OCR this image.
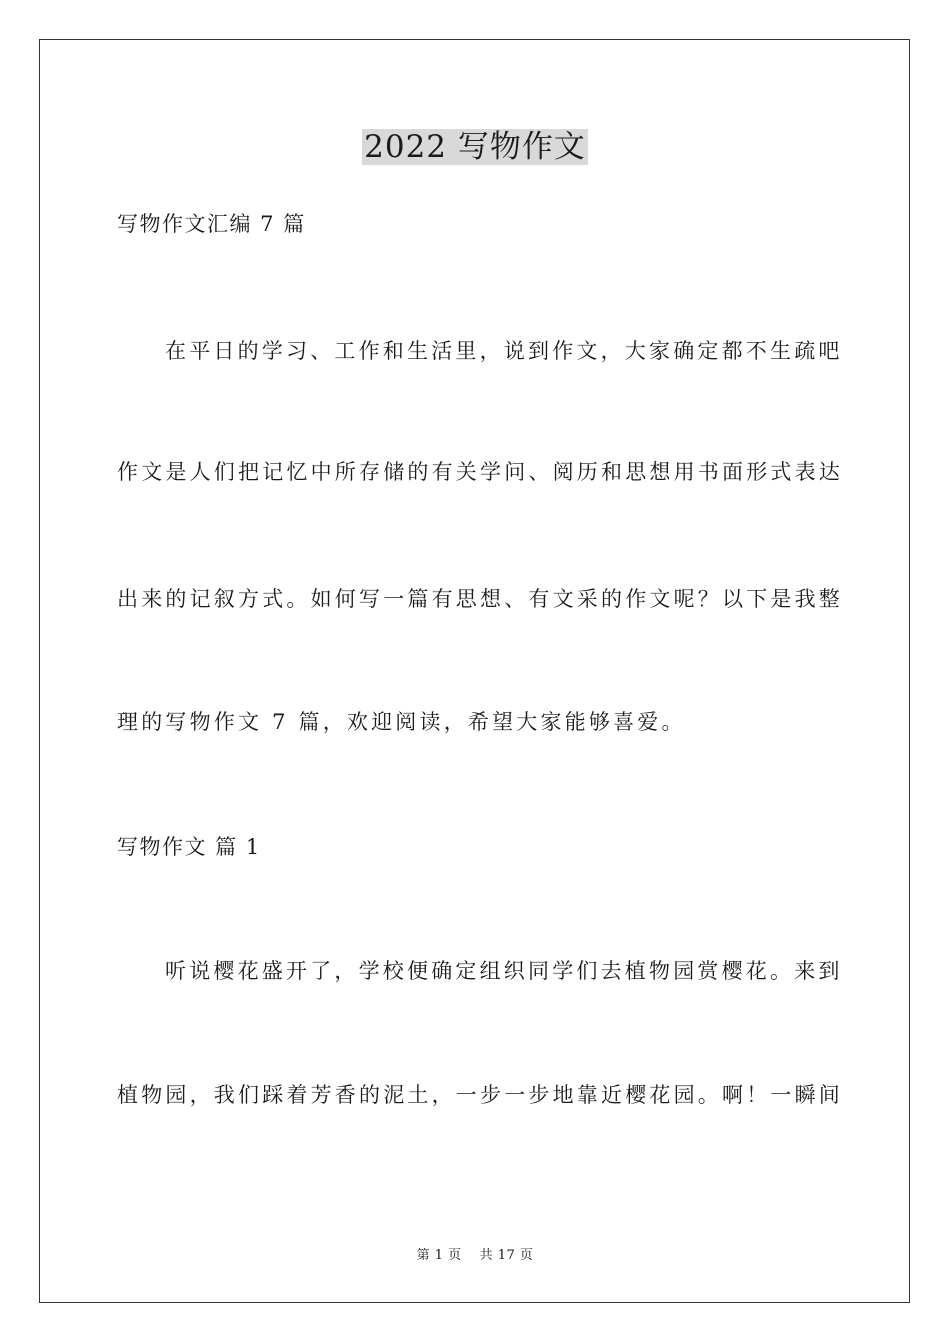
2022 写物作文
写物作文汇编 7 篇
在平日的学习、工作和生活里，说到作文，大家确定都不生疏吧
作文是人们把记忆中所存储的有关学问、阅历和思想用书面形式表达
出来的记叙方式。如何写一篇有思想、有文采的作文呢？以下是我整
理的写物作文 7 篇，欢迎阅读，希望大家能够喜爱。
写物作文 篇 1
听说樱花盛开了，学校便确定组织同学们去植物园赏樱花。来到
植物园，我们踩着芳香的泥土，一步一步地靠近樱花园。啊！一瞬间
第 1 页 共 17 页
